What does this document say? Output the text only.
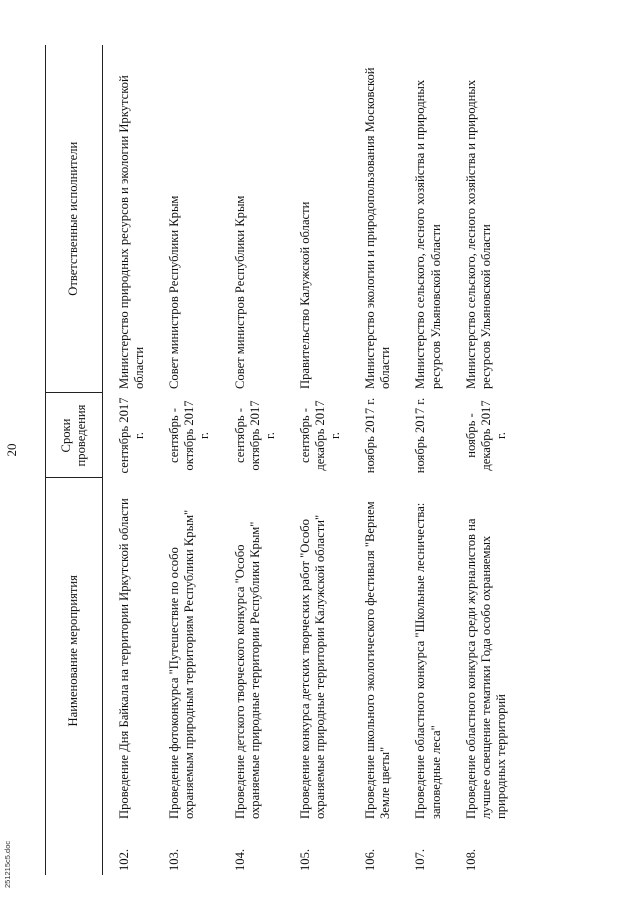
20
	Наименование мероприятия	Сроки проведения	Ответственные исполнители
102.	Проведение Дня Байкала на территории Иркутской области	сентябрь 2017 г.	Министерство природных ресурсов и экологии Иркутской области
103.	Проведение фотоконкурса "Путешествие по особо охраняемым природным территориям Республики Крым"	сентябрь - октябрь 2017 г.	Совет министров Республики Крым
104.	Проведение детского творческого конкурса "Особо охраняемые природные территории Республики Крым"	сентябрь - октябрь 2017 г.	Совет министров Республики Крым
105.	Проведение конкурса детских творческих работ "Особо охраняемые природные территории Калужской области"	сентябрь - декабрь 2017 г.	Правительство Калужской области
106.	Проведение школьного экологического фестиваля "Вернем Земле цветы"	ноябрь 2017 г.	Министерство экологии и природопользования Московской области
107.	Проведение областного конкурса "Школьные лесничества: заповедные леса"	ноябрь 2017 г.	Министерство сельского, лесного хозяйства и природных ресурсов Ульяновской области
108.	Проведение областного конкурса среди журналистов на лучшее освещение тематики Года особо охраняемых природных территорий	ноябрь - декабрь 2017 г.	Министерство сельского, лесного хозяйства и природных ресурсов Ульяновской области
251215c5.doc
